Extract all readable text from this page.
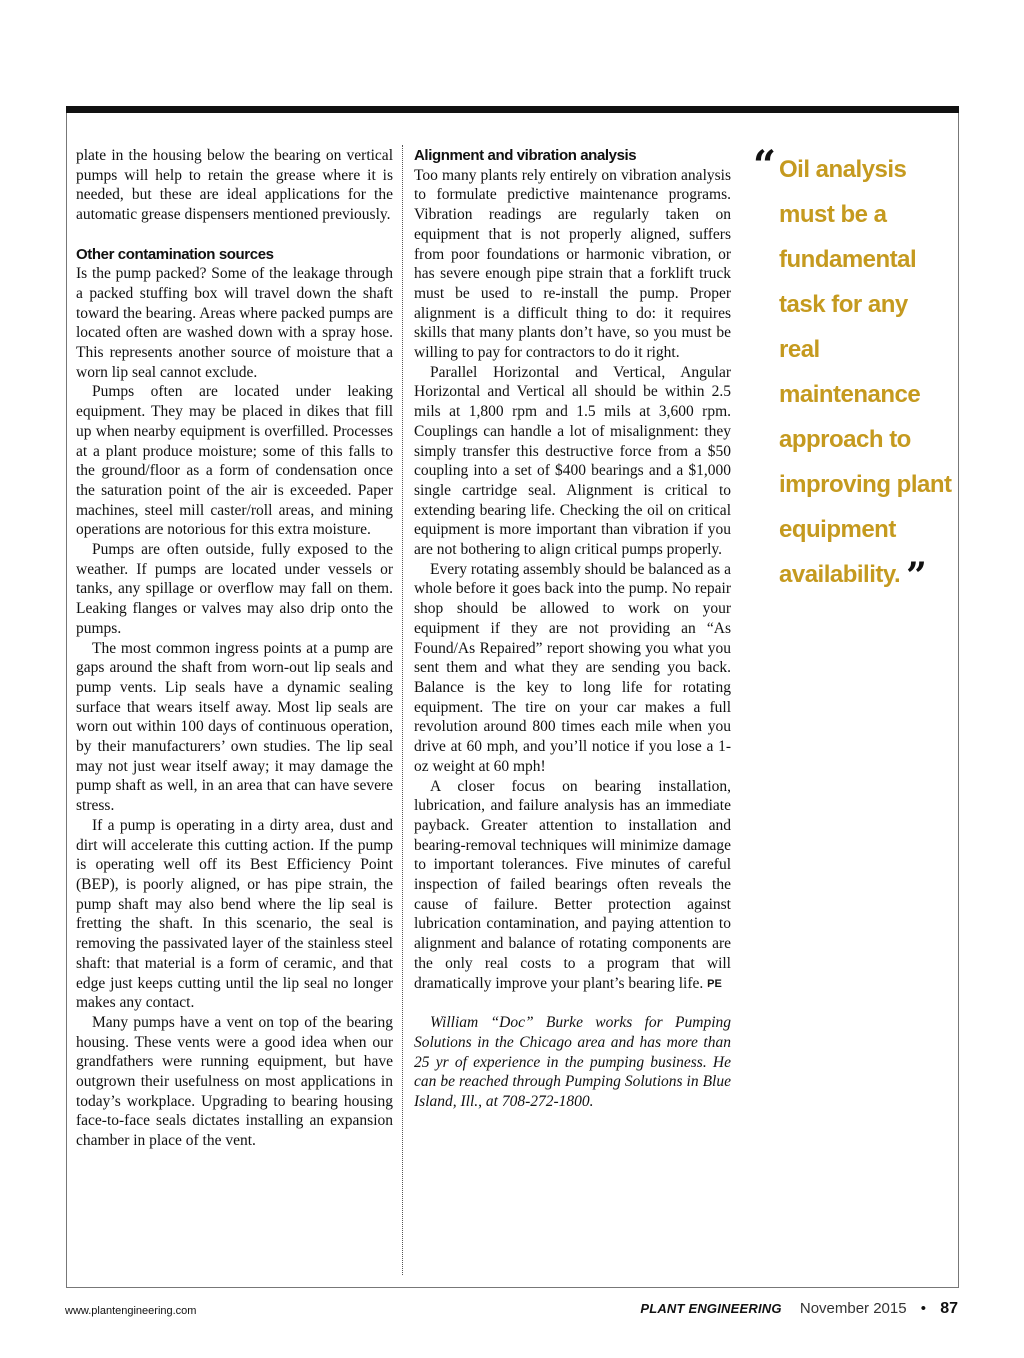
plate in the housing below the bearing on vertical pumps will help to retain the grease where it is needed, but these are ideal applications for the automatic grease dispensers mentioned previously.

Other contamination sources

Is the pump packed? Some of the leakage through a packed stuffing box will travel down the shaft toward the bearing. Areas where packed pumps are located often are washed down with a spray hose. This represents another source of moisture that a worn lip seal cannot exclude.

Pumps often are located under leaking equipment. They may be placed in dikes that fill up when nearby equipment is overfilled. Processes at a plant produce moisture; some of this falls to the ground/floor as a form of condensation once the saturation point of the air is exceeded. Paper machines, steel mill caster/roll areas, and mining operations are notorious for this extra moisture.

Pumps are often outside, fully exposed to the weather. If pumps are located under vessels or tanks, any spillage or overflow may fall on them. Leaking flanges or valves may also drip onto the pumps.

The most common ingress points at a pump are gaps around the shaft from worn-out lip seals and pump vents. Lip seals have a dynamic sealing surface that wears itself away. Most lip seals are worn out within 100 days of continuous operation, by their manufacturers’ own studies. The lip seal may not just wear itself away; it may damage the pump shaft as well, in an area that can have severe stress.

If a pump is operating in a dirty area, dust and dirt will accelerate this cutting action. If the pump is operating well off its Best Efficiency Point (BEP), is poorly aligned, or has pipe strain, the pump shaft may also bend where the lip seal is fretting the shaft. In this scenario, the seal is removing the passivated layer of the stainless steel shaft: that material is a form of ceramic, and that edge just keeps cutting until the lip seal no longer makes any contact.

Many pumps have a vent on top of the bearing housing. These vents were a good idea when our grandfathers were running equipment, but have outgrown their usefulness on most applications in today’s workplace. Upgrading to bearing housing face-to-face seals dictates installing an expansion chamber in place of the vent.

Alignment and vibration analysis

Too many plants rely entirely on vibration analysis to formulate predictive maintenance programs. Vibration readings are regularly taken on equipment that is not properly aligned, suffers from poor foundations or harmonic vibration, or has severe enough pipe strain that a forklift truck must be used to re-install the pump. Proper alignment is a difficult thing to do: it requires skills that many plants don’t have, so you must be willing to pay for contractors to do it right.

Parallel Horizontal and Vertical, Angular Horizontal and Vertical all should be within 2.5 mils at 1,800 rpm and 1.5 mils at 3,600 rpm. Couplings can handle a lot of misalignment: they simply transfer this destructive force from a $50 coupling into a set of $400 bearings and a $1,000 single cartridge seal. Alignment is critical to extending bearing life. Checking the oil on critical equipment is more important than vibration if you are not bothering to align critical pumps properly.

Every rotating assembly should be balanced as a whole before it goes back into the pump. No repair shop should be allowed to work on your equipment if they are not providing an “As Found/As Repaired” report showing you what you sent them and what they are sending you back. Balance is the key to long life for rotating equipment. The tire on your car makes a full revolution around 800 times each mile when you drive at 60 mph, and you’ll notice if you lose a 1-oz weight at 60 mph!

A closer focus on bearing installation, lubrication, and failure analysis has an immediate payback. Greater attention to installation and bearing-removal techniques will minimize damage to important tolerances. Five minutes of careful inspection of failed bearings often reveals the cause of failure. Better protection against lubrication contamination, and paying attention to alignment and balance of rotating components are the only real costs to a program that will dramatically improve your plant’s bearing life. PE

William “Doc” Burke works for Pumping Solutions in the Chicago area and has more than 25 yr of experience in the pumping business. He can be reached through Pumping Solutions in Blue Island, Ill., at 708-272-1800.

“ Oil analysis
must be a
fundamental
task for any real
maintenance
approach to
improving plant
equipment
availability. ”
www.plantengineering.com	PLANT ENGINEERING November 2015 • 87
